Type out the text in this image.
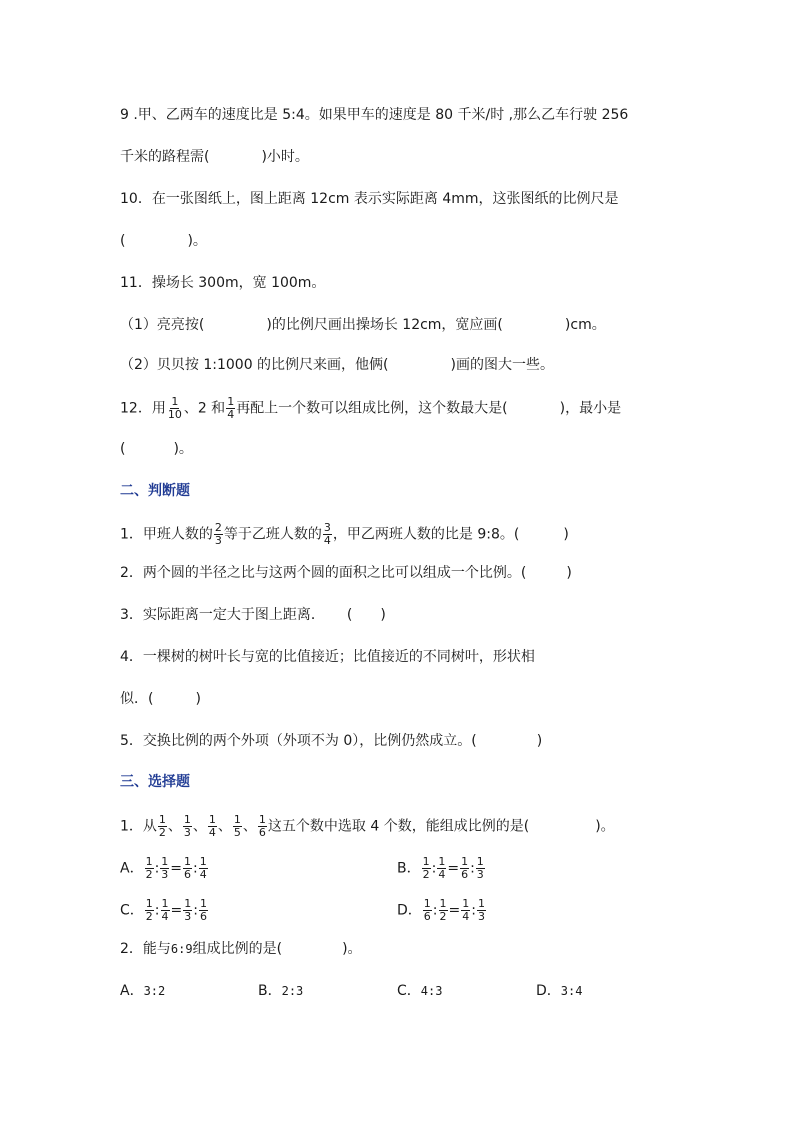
9 .甲、乙两车的速度比是 5:4。如果甲车的速度是 80 千米/时 ,那么乙车行驶 256
千米的路程需(	)小时。
10．在一张图纸上，图上距离 12cm 表示实际距离 4mm，这张图纸的比例尺是
(	)。
11．操场长 300m，宽 100m。
（1）亮亮按(	)的比例尺画出操场长 12cm，宽应画(	)cm。
（2）贝贝按 1:1000 的比例尺来画，他俩(	)画的图大一些。
12．用 $\frac{1}{10}$ 、2 和 $\frac{1}{4}$ 再配上一个数可以组成比例，这个数最大是(	)，最小是
(	)。
二、判断题
1．甲班人数的 $\frac{2}{3}$ 等于乙班人数的 $\frac{3}{4}$ ，甲乙两班人数的比是 9:8。(	)
2．两个圆的半径之比与这两个圆的面积之比可以组成一个比例。(	)
3．实际距离一定大于图上距离． ( )
4．一棵树的树叶长与宽的比值接近；比值接近的不同树叶，形状相
似．(	)
5．交换比例的两个外项（外项不为 0），比例仍然成立。(	)
三、选择题
1．从 $\frac{1}{2}$ 、 $\frac{1}{3}$ 、 $\frac{1}{4}$ 、 $\frac{1}{5}$ 、 $\frac{1}{6}$ 这五个数中选取 4 个数，能组成比例的是(	)。
A． $\frac{1}{2}$ : $\frac{1}{3} = \frac{1}{6}$ : $\frac{1}{4}$	B． $\frac{1}{2}$ : $\frac{1}{4} = \frac{1}{6}$ : $\frac{1}{3}$
C． $\frac{1}{2}$ : $\frac{1}{4} = \frac{1}{3}$ : $\frac{1}{6}$	D． $\frac{1}{6}$ : $\frac{1}{2} = \frac{1}{4}$ : $\frac{1}{3}$
2．能与6:9组成比例的是(	)。
A．3:2	B．2:3	C．4:3	D．3:4
